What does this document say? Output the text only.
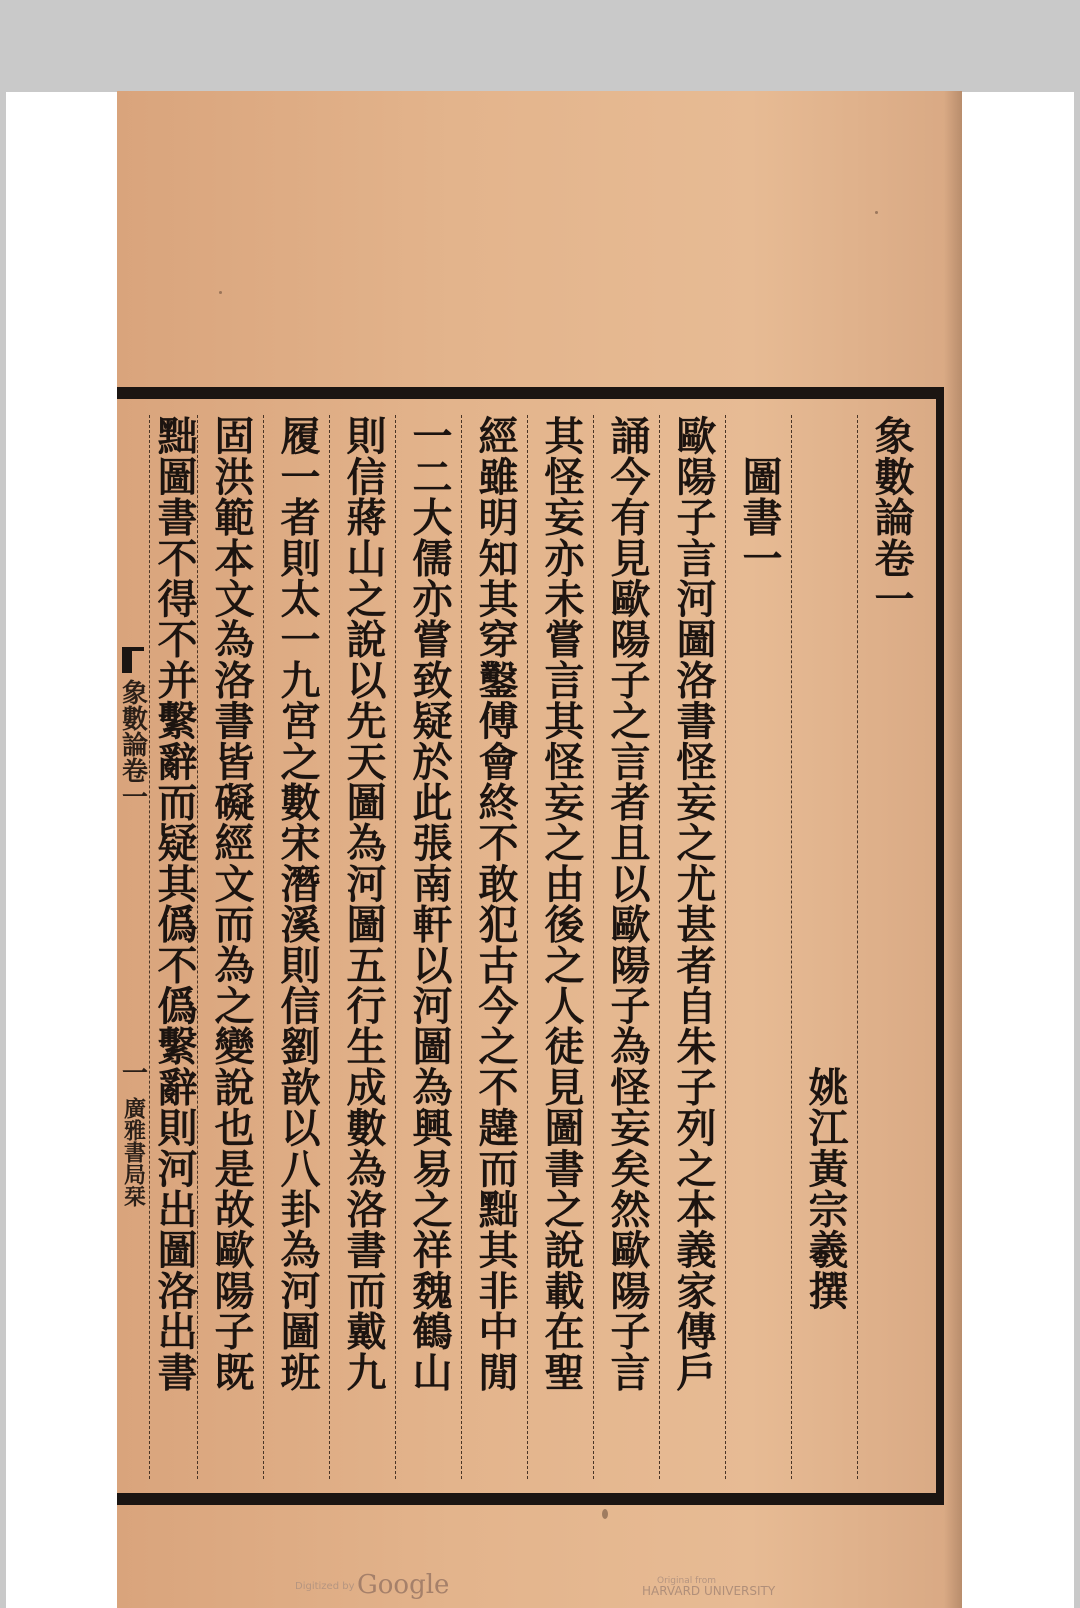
象數論卷一
　　　　　　　　　　　　　　　　姚江黃宗羲撰
　圖書一
歐陽子言河圖洛書怪妄之尤甚者自朱子列之本義家傳戶
誦今有見歐陽子之言者且以歐陽子為怪妄矣然歐陽子言
其怪妄亦未嘗言其怪妄之由後之人徒見圖書之說載在聖
經雖明知其穿鑿傅會終不敢犯古今之不韙而黜其非中閒
一二大儒亦嘗致疑於此張南軒以河圖為興易之祥魏鶴山
則信蔣山之說以先天圖為河圖五行生成數為洛書而戴九
履一者則太一九宮之數宋潛溪則信劉歆以八卦為河圖班
固洪範本文為洛書皆礙經文而為之變說也是故歐陽子既
黜圖書不得不并繫辭而疑其僞不僞繫辭則河出圖洛出書
象數論卷一
一
廣雅書局栞
Digitized by Google	Original from
HARVARD UNIVERSITY
